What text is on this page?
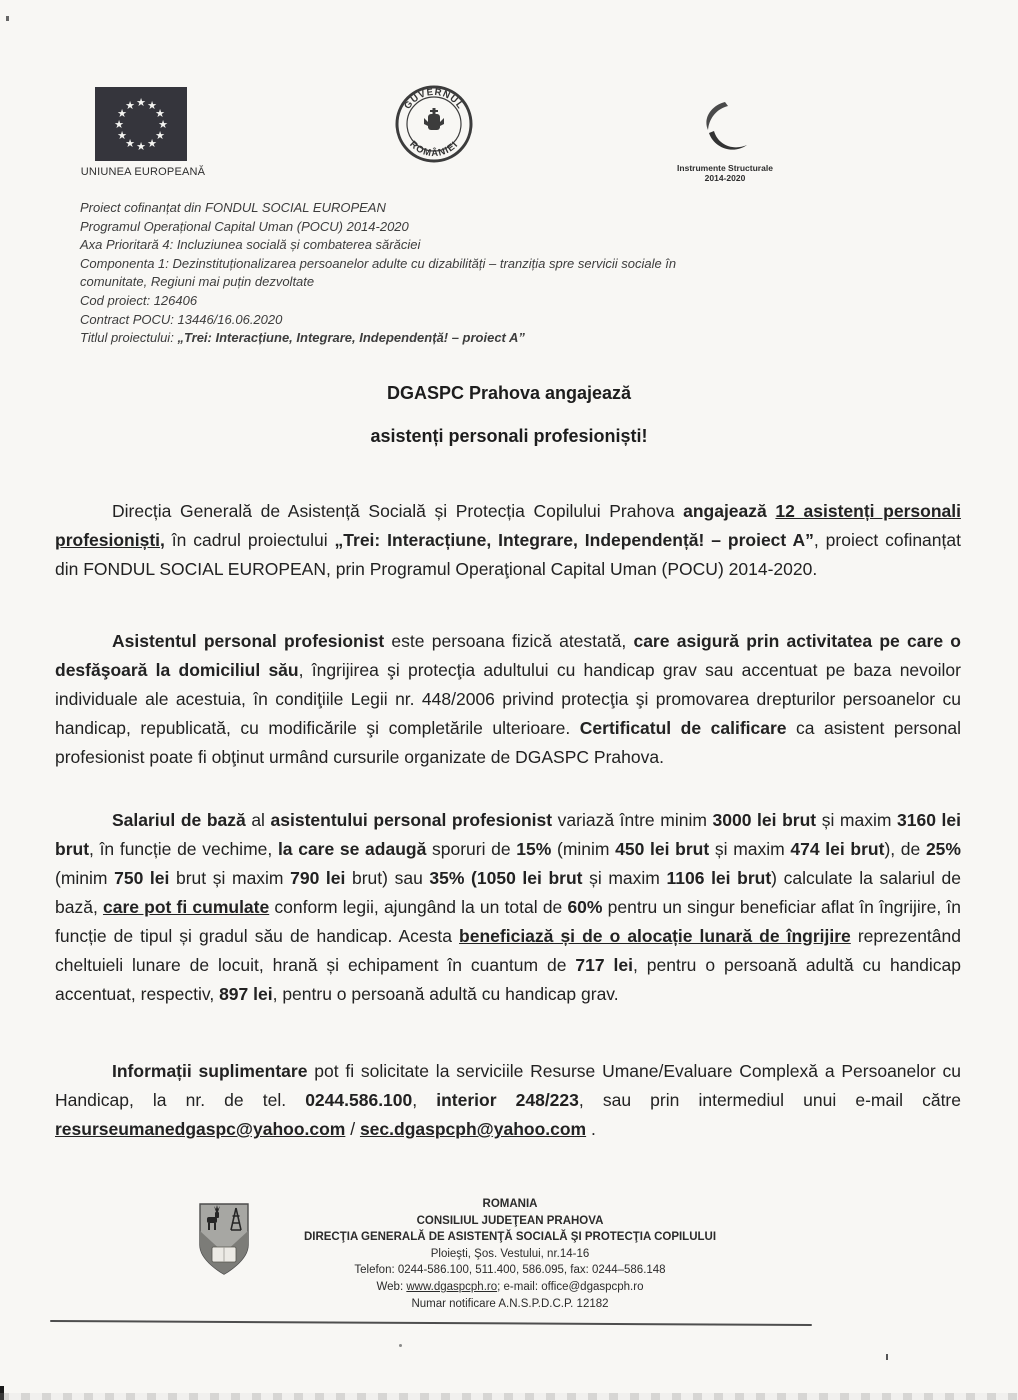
★ ★
★
★
★
★
★
★
★
★
★
★
UNIUNEA EUROPEANĂ
GUVERNUL
ROMÂNIEI
Instrumente Structurale
2014-2020
Proiect cofinanțat din FONDUL SOCIAL EUROPEAN
Programul Operațional Capital Uman (POCU) 2014-2020
Axa Prioritară 4: Incluziunea socială și combaterea sărăciei
Componenta 1: Dezinstituționalizarea persoanelor adulte cu dizabilități – tranziția spre servicii sociale în
comunitate, Regiuni mai puțin dezvoltate
Cod proiect: 126406
Contract POCU: 13446/16.06.2020
Titlul proiectului: „Trei: Interacțiune, Integrare, Independență! – proiect A”
DGASPC Prahova angajează
asistenți personali profesioniști!
Direcția Generală de Asistență Socială și Protecția Copilului Prahova angajează 12 asistenți personali profesioniști, în cadrul proiectului „Trei: Interacțiune, Integrare, Independență! – proiect A”, proiect cofinanțat din FONDUL SOCIAL EUROPEAN, prin Programul Operaţional Capital Uman (POCU) 2014-2020.
Asistentul personal profesionist este persoana fizică atestată, care asigură prin activitatea pe care o desfăşoară la domiciliul său, îngrijirea şi protecţia adultului cu handicap grav sau accentuat pe baza nevoilor individuale ale acestuia, în condiţiile Legii nr. 448/2006 privind protecţia şi promovarea drepturilor persoanelor cu handicap, republicată, cu modificările şi completările ulterioare. Certificatul de calificare ca asistent personal profesionist poate fi obţinut urmând cursurile organizate de DGASPC Prahova.
Salariul de bază al asistentului personal profesionist variază între minim 3000 lei brut și maxim 3160 lei brut, în funcție de vechime, la care se adaugă sporuri de 15% (minim 450 lei brut și maxim 474 lei brut), de 25% (minim 750 lei brut și maxim 790 lei brut) sau 35% (1050 lei brut și maxim 1106 lei brut) calculate la salariul de bază, care pot fi cumulate conform legii, ajungând la un total de 60% pentru un singur beneficiar aflat în îngrijire, în funcție de tipul și gradul său de handicap. Acesta beneficiază și de o alocație lunară de îngrijire reprezentând cheltuieli lunare de locuit, hrană și echipament în cuantum de 717 lei, pentru o persoană adultă cu handicap accentuat, respectiv, 897 lei, pentru o persoană adultă cu handicap grav.
Informații suplimentare pot fi solicitate la serviciile Resurse Umane/Evaluare Complexă a Persoanelor cu Handicap, la nr. de tel. 0244.586.100, interior 248/223, sau prin intermediul unui e-mail către resurseumanedgaspc@yahoo.com / sec.dgaspcph@yahoo.com .
ROMANIA
CONSILIUL JUDEŢEAN PRAHOVA
DIRECŢIA GENERALĂ DE ASISTENŢĂ SOCIALĂ ŞI PROTECŢIA COPILULUI
Ploieşti, Şos. Vestului, nr.14-16
Telefon: 0244-586.100, 511.400, 586.095, fax: 0244–586.148
Web: www.dgaspcph.ro; e-mail: office@dgaspcph.ro
Numar notificare A.N.S.P.D.C.P. 12182
